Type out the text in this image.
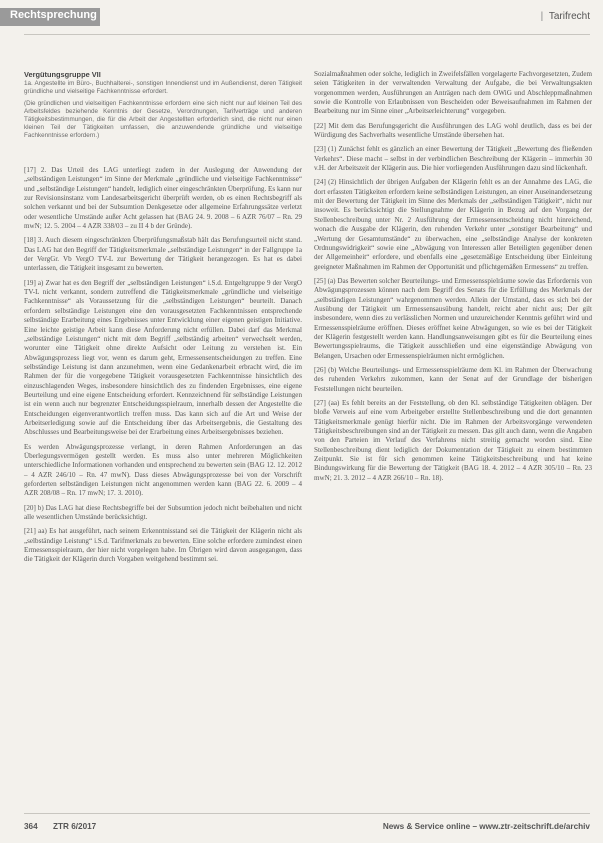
Rechtsprechung	| Tarifrecht
Vergütungsgruppe VII
1a. Angestellte im Büro-, Buchhalterei-, sonstigen Innendienst und im Außendienst, deren Tätigkeit gründliche und vielseitige Fachkenntnisse erfordert.
(Die gründlichen und vielseitigen Fachkenntnisse erfordern eine sich nicht nur auf kleinen Teil des Arbeitsfeldes beziehende Kenntnis der Gesetze, Verordnungen, Tarifverträge und anderen Tätigkeitsbestimmungen, die für die Arbeit der Angestellten erforderlich sind, die nicht nur einen kleinen Teil der Tätigkeiten umfassen, die anzuwendende gründliche und vielseitige Fachkenntnisse erfordern.)

[17] 2. Das Urteil des LAG unterliegt zudem in der Auslegung der Anwendung der „selbständigen Leistungen“ im Sinne der Merkmale „gründliche und vielseitige Fachkenntnisse“ und „selbständige Leistungen“ handelt, lediglich einer eingeschränkten Überprüfung. Es kann nur zur Revisionsinstanz vom Landesarbeitsgericht überprüft werden, ob es einen Rechtsbegriff als solchen verkannt und bei der Subsumtion Denkgesetze oder allgemeine Erfahrungssätze verletzt oder wesentliche Umstände außer Acht gelassen hat (BAG 24. 9. 2008 – 6 AZR 76/07 – Rn. 29 mwN; 12. 5. 2004 – 4 AZR 338/03 – zu II 4 b der Gründe).

[18] 3. Auch diesem eingeschränkten Überprüfungsmaßstab hält das Berufungsurteil nicht stand. Das LAG hat den Begriff der Tätigkeitsmerkmale „selbständige Leistungen“ in der Fallgruppe 1a der VergGr. Vb VergO TV-L zur Bewertung der Tätigkeit herangezogen. Es hat es dabei unterlassen, die Tätigkeit insgesamt zu bewerten.

[19] a) Zwar hat es den Begriff der „selbständigen Leistungen“ i.S.d. Entgeltgruppe 9 der VergO TV-L nicht verkannt, sondern zutreffend die Tätigkeitsmerkmale „gründliche und vielseitige Fachkenntnisse“ als Voraussetzung für die „selbständigen Leistungen“ beurteilt. Danach erfordern selbständige Leistungen eine den vorausgesetzten Fachkenntnissen entsprechende selbständige Erarbeitung eines Ergebnisses unter Entwicklung einer eigenen geistigen Initiative. Eine leichte geistige Arbeit kann diese Anforderung nicht erfüllen. Dabei darf das Merkmal „selbständige Leistungen“ nicht mit dem Begriff „selbständig arbeiten“ verwechselt werden, worunter eine Tätigkeit ohne direkte Aufsicht oder Leitung zu verstehen ist. Ein Abwägungsprozess liegt vor, wenn es darum geht, Ermessensentscheidungen zu treffen. Eine selbständige Leistung ist dann anzunehmen, wenn eine Gedankenarbeit erbracht wird, die im Rahmen der für die vorgegebene Tätigkeit vorausgesetzten Fachkenntnisse hinsichtlich des einzuschlagenden Weges, insbesondere hinsichtlich des zu findenden Ergebnisses, eine eigene Beurteilung und eine eigene Entscheidung erfordert. Kennzeichnend für selbständige Leistungen ist ein wenn auch nur begrenzter Entscheidungsspielraum, innerhalb dessen der Angestellte die Entscheidungen eigenverantwortlich treffen muss. Das kann sich auf die Art und Weise der Arbeitserledigung sowie auf die Entscheidung über das Arbeitsergebnis, die Gestaltung des Abschlusses und Bearbeitungsweise bei der Erarbeitung eines Arbeitsergebnisses beziehen.

Es werden Abwägungsprozesse verlangt, in deren Rahmen Anforderungen an das Überlegungsvermögen gestellt werden. Es muss also unter mehreren Möglichkeiten unterschiedliche Informationen vorhanden und entsprechend zu bewerten sein (BAG 12. 12. 2012 – 4 AZR 246/10 – Rn. 47 mwN). Dass dieses Abwägungsprozesse bei von der Vorschrift geforderten selbständigen Leistungen nicht angenommen werden kann (BAG 22. 6. 2009 – 4 AZR 208/08 – Rn. 17 mwN; 17. 3. 2010).

[20] b) Das LAG hat diese Rechtsbegriffe bei der Subsumtion jedoch nicht beibehalten und nicht alle wesentlichen Umstände berücksichtigt.

[21] aa) Es hat ausgeführt, nach seinem Erkenntnisstand sei die Tätigkeit der Klägerin nicht als „selbständige Leistung“ i.S.d. Tarifmerkmals zu bewerten. Eine solche erfordere zumindest einen Ermessensspielraum, der hier nicht vorgelegen habe. Im Übrigen wird davon ausgegangen, dass die Tätigkeit der Klägerin durch Vorgaben weitgehend bestimmt sei.

Sozialmaßnahmen oder solche, lediglich in Zweifelsfällen vorgelagerte Fachvorgesetzten, Zudem seien Tätigkeiten in der verwaltenden Verwaltung der Aufgabe, die bei Verwaltungsakten vorgenommen werden, Ausführungen an Anträgen nach dem OWiG und Abschleppmaßnahmen sowie die Kontrolle von Erlaubnissen von Bescheiden oder Beweisaufnahmen im Rahmen der Bearbeitung nur im Sinne einer „Arbeitserleichterung“ vorgegeben.

[22] Mit dem das Berufungsgericht die Ausführungen des LAG wohl deutlich, dass es bei der Würdigung des Sachverhalts wesentliche Umstände übersehen hat.

[23] (1) Zunächst fehlt es gänzlich an einer Bewertung der Tätigkeit „Bewertung des fließenden Verkehrs“. Diese macht – selbst in der verbindlichen Beschreibung der Klägerin – immerhin 30 v.H. der Arbeitszeit der Klägerin aus. Die hier vorliegenden Ausführungen dazu sind lückenhaft.

[24] (2) Hinsichtlich der übrigen Aufgaben der Klägerin fehlt es an der Annahme des LAG, die dort erfassten Tätigkeiten erfordern keine selbständigen Leistungen, an einer Auseinandersetzung mit der Bewertung der Tätigkeit im Sinne des Merkmals der „selbständigen Tätigkeit“, nicht nur insoweit. Es berücksichtigt die Stellungnahme der Klägerin in Bezug auf den Vorgang der Stellenbeschreibung unter Nr. 2 Ausführung der Ermessensentscheidung nicht hinreichend, wonach die Ausgabe der Klägerin, den ruhenden Verkehr unter „sonstiger Bearbeitung“ und „Wertung der Gesamtumstände“ zu überwachen, eine „selbständige Analyse der konkreten Ordnungswidrigkeit“ sowie eine „Abwägung von Interessen aller Beteiligten gegenüber denen der Allgemeinheit“ erfordere, und ebenfalls eine „gesetzmäßige Entscheidung über Einleitung geeigneter Maßnahmen im Rahmen der Opportunität und pflichtgemäßen Ermessens“ zu treffen.

[25] (a) Das Bewerten solcher Beurteilungs- und Ermessensspielräume sowie das Erfordernis von Abwägungsprozessen können nach dem Begriff des Senats für die Erfüllung des Merkmals der „selbständigen Leistungen“ wahrgenommen werden. Allein der Umstand, dass es sich bei der Ausübung der Tätigkeit um Ermessensausübung handelt, reicht aber nicht aus; Der gilt insbesondere, wenn dies zu verlässlichen Normen und unzureichender Kenntnis geführt wird und Ermessensspielräume eröffnen. Dieses eröffnet keine Abwägungen, so wie es bei der Tätigkeit der Klägerin festgestellt werden kann. Handlungsanweisungen gibt es für die Beurteilung eines Bewertungsspielraums, die Tätigkeit ausschließen und eine eigenständige Abwägung von Belangen, Ursachen oder Ermessenspielräumen nicht ermöglichen.

[26] (b) Welche Beurteilungs- und Ermessensspielräume dem Kl. im Rahmen der Überwachung des ruhenden Verkehrs zukommen, kann der Senat auf der Grundlage der bisherigen Feststellungen nicht beurteilen.

[27] (aa) Es fehlt bereits an der Feststellung, ob den Kl. selbständige Tätigkeiten oblägen. Der bloße Verweis auf eine vom Arbeitgeber erstellte Stellenbeschreibung und die dort genannten Tätigkeitsmerkmale genügt hierfür nicht. Die im Rahmen der Arbeitsvorgänge verwendeten Tätigkeitsbeschreibungen sind an der Tätigkeit zu messen. Das gilt auch dann, wenn die Angaben von den Parteien im Verlauf des Verfahrens nicht streitig gemacht worden sind. Eine Stellenbeschreibung dient lediglich der Dokumentation der Tätigkeit zu einem bestimmten Zeitpunkt. Sie ist für sich genommen keine Tätigkeitsbeschreibung und hat keine Bindungswirkung für die Bewertung der Tätigkeit (BAG 18. 4. 2012 – 4 AZR 305/10 – Rn. 23 mwN; 21. 3. 2012 – 4 AZR 266/10 – Rn. 18).

364 ZTR 6/2017	News & Service online – www.ztr-zeitschrift.de/archiv
